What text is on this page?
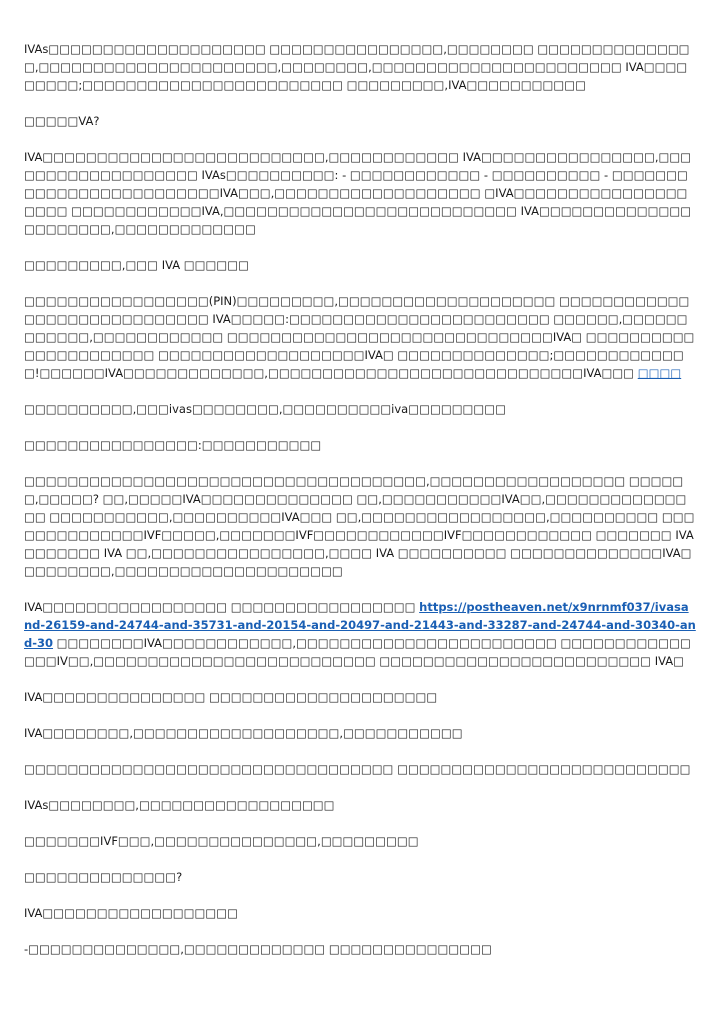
IVAs□□□□□□□□□□□□□□□□□□□□ □□□□□□□□□□□□□□□□,□□□□□□□□ □□□□□□□□□□□□□□□,□□□□□□□□□□□□□□□□□□□□□□,□□□□□□□□,□□□□□□□□□□□□□□□□□□□□□□□ IVA□□□□□□□□□;□□□□□□□□□□□□□□□□□□□□□□□□ □□□□□□□□□,IVA□□□□□□□□□□□

□□□□□VA?

IVA□□□□□□□□□□□□□□□□□□□□□□□□□□,□□□□□□□□□□□□ IVA□□□□□□□□□□□□□□□□,□□□□□□□□□□□□□□□□□□□ IVAs□□□□□□□□□□: - □□□□□□□□□□□□ - □□□□□□□□□□ - □□□□□□□□□□□□□□□□□□□□□□□□□IVA□□□,□□□□□□□□□□□□□□□□□□□ □IVA□□□□□□□□□□□□□□□□□□□□ □□□□□□□□□□□□IVA,□□□□□□□□□□□□□□□□□□□□□□□□□□□ IVA□□□□□□□□□□□□□□□□□□□□□□,□□□□□□□□□□□□□

□□□□□□□□□,□□□ IVA □□□□□□

□□□□□□□□□□□□□□□□□(PIN)□□□□□□□□□,□□□□□□□□□□□□□□□□□□□□ □□□□□□□□□□□□□□□□□□□□□□□□□□□□□ IVA□□□□□:□□□□□□□□□□□□□□□□□□□□□□□□ □□□□□□,□□□□□□□□□□□□,□□□□□□□□□□□□ □□□□□□□□□□□□□□□□□□□□□□□□□□□□□□IVA□ □□□□□□□□□□□□□□□□□□□□□□ □□□□□□□□□□□□□□□□□□□IVA□ □□□□□□□□□□□□□□;□□□□□□□□□□□□□!□□□□□□IVA□□□□□□□□□□□□□,□□□□□□□□□□□□□□□□□□□□□□□□□□□□□IVA□□□ □□□□

□□□□□□□□□□,□□□ivas□□□□□□□□,□□□□□□□□□□iva□□□□□□□□□

□□□□□□□□□□□□□□□□:□□□□□□□□□□□

□□□□□□□□□□□□□□□□□□□□□□□□□□□□□□□□□□□□□,□□□□□□□□□□□□□□□□□□ □□□□□□,□□□□□? □□,□□□□□IVA□□□□□□□□□□□□□□ □□,□□□□□□□□□□□IVA□□,□□□□□□□□□□□□□□□ □□□□□□□□□□□,□□□□□□□□□□IVA□□□ □□,□□□□□□□□□□□□□□□□□,□□□□□□□□□□ □□□□□□□□□□□□□□IVF□□□□□,□□□□□□□IVF□□□□□□□□□□□□IVF□□□□□□□□□□□□ □□□□□□□ IVA □□□□□□□ IVA □□,□□□□□□□□□□□□□□□□,□□□□ IVA □□□□□□□□□□ □□□□□□□□□□□□□□IVA□□□□□□□□□,□□□□□□□□□□□□□□□□□□□□□

IVA□□□□□□□□□□□□□□□□□ □□□□□□□□□□□□□□□□□ https://postheaven.net/x9nrnmf037/ivasand-26159-and-24744-and-35731-and-20154-and-20497-and-21443-and-33287-and-24744-and-30340-and-30 □□□□□□□□IVA□□□□□□□□□□□□,□□□□□□□□□□□□□□□□□□□□□□□□ □□□□□□□□□□□□□□□IV□□,□□□□□□□□□□□□□□□□□□□□□□□□□□ □□□□□□□□□□□□□□□□□□□□□□□□□ IVA□

IVA□□□□□□□□□□□□□□□ □□□□□□□□□□□□□□□□□□□□□

IVA□□□□□□□□,□□□□□□□□□□□□□□□□□□□,□□□□□□□□□□□

□□□□□□□□□□□□□□□□□□□□□□□□□□□□□□□□□□ □□□□□□□□□□□□□□□□□□□□□□□□□□□

IVAs□□□□□□□□,□□□□□□□□□□□□□□□□□□

□□□□□□□IVF□□□,□□□□□□□□□□□□□□□,□□□□□□□□□

□□□□□□□□□□□□□□?

IVA□□□□□□□□□□□□□□□□□□

-□□□□□□□□□□□□□□,□□□□□□□□□□□□□ □□□□□□□□□□□□□□□
